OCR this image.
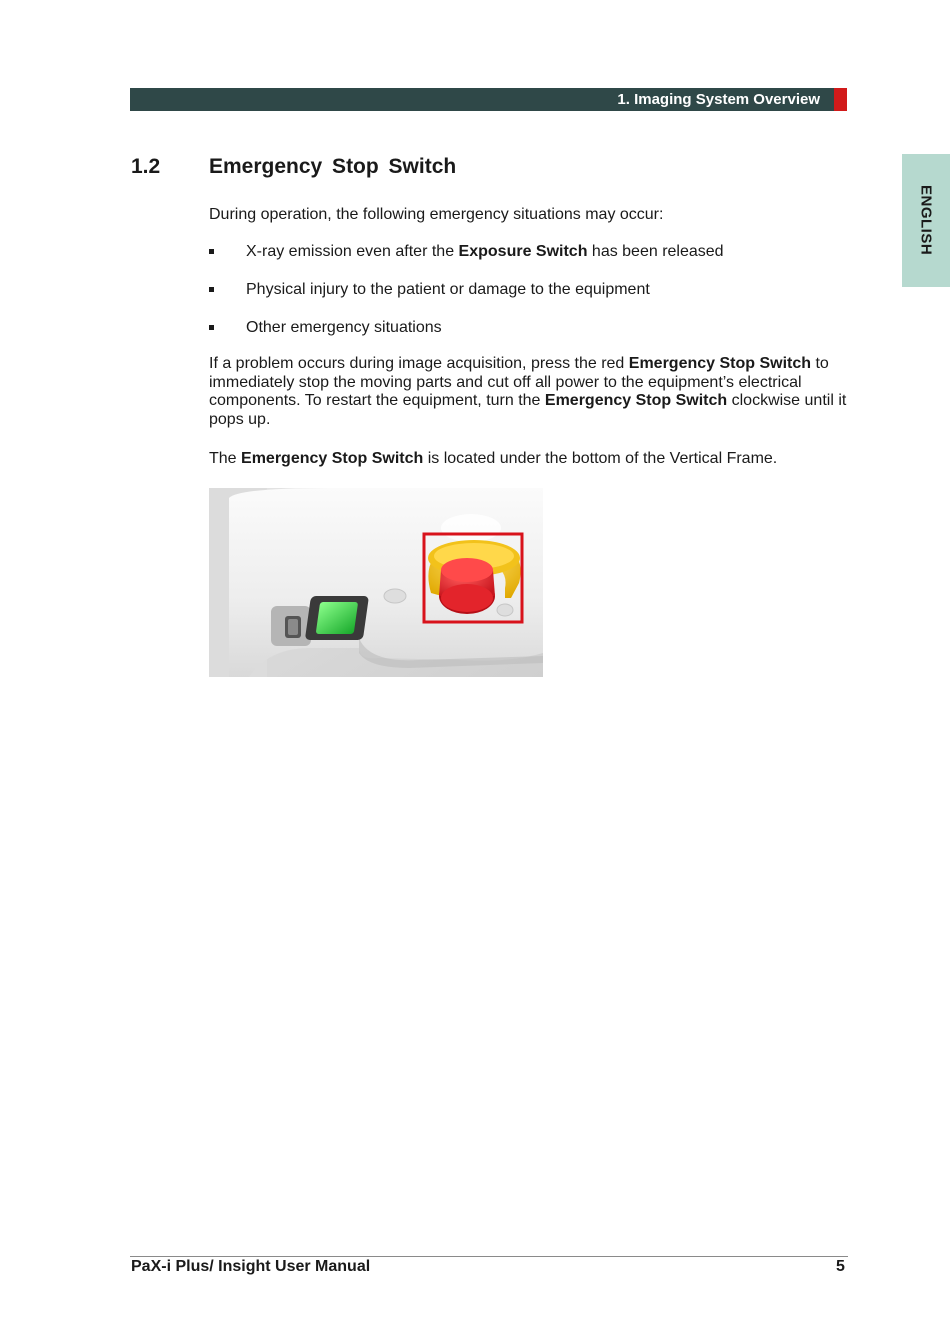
1. Imaging System Overview
ENGLISH
1.2 Emergency Stop Switch
During operation, the following emergency situations may occur:
X-ray emission even after the Exposure Switch has been released
Physical injury to the patient or damage to the equipment
Other emergency situations
If a problem occurs during image acquisition, press the red Emergency Stop Switch to immediately stop the moving parts and cut off all power to the equipment’s electrical components. To restart the equipment, turn the Emergency Stop Switch clockwise until it pops up.
The Emergency Stop Switch is located under the bottom of the Vertical Frame.
PaX-i Plus/ Insight User Manual	5
